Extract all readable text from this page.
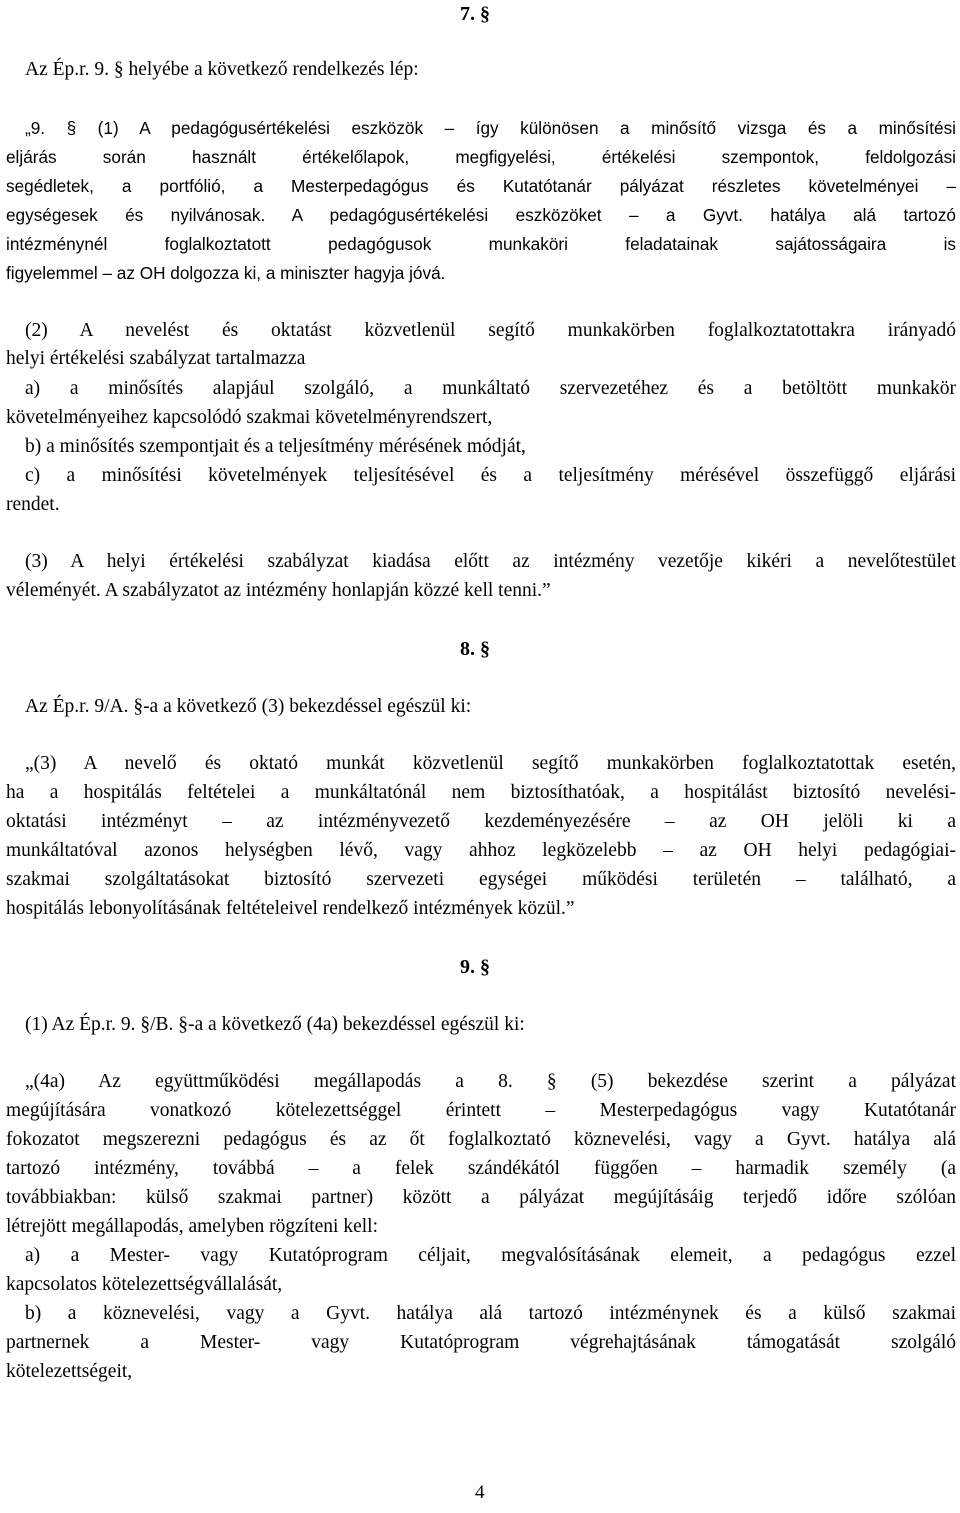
7. §
Az Ép.r. 9. § helyébe a következő rendelkezés lép:
„9. § (1) A pedagógusértékelési eszközök – így különösen a minősítő vizsga és a minősítési
eljárás során használt értékelőlapok, megfigyelési, értékelési szempontok, feldolgozási
segédletek, a portfólió, a Mesterpedagógus és Kutatótanár pályázat részletes követelményei –
egységesek és nyilvánosak. A pedagógusértékelési eszközöket – a Gyvt. hatálya alá tartozó
intézménynél foglalkoztatott pedagógusok munkaköri feladatainak sajátosságaira is
figyelemmel – az OH dolgozza ki, a miniszter hagyja jóvá.
(2) A nevelést és oktatást közvetlenül segítő munkakörben foglalkoztatottakra irányadó
helyi értékelési szabályzat tartalmazza
a) a minősítés alapjául szolgáló, a munkáltató szervezetéhez és a betöltött munkakör
követelményeihez kapcsolódó szakmai követelményrendszert,
b) a minősítés szempontjait és a teljesítmény mérésének módját,
c) a minősítési követelmények teljesítésével és a teljesítmény mérésével összefüggő eljárási
rendet.
(3) A helyi értékelési szabályzat kiadása előtt az intézmény vezetője kikéri a nevelőtestület
véleményét. A szabályzatot az intézmény honlapján közzé kell tenni.”
8. §
Az Ép.r. 9/A. §-a a következő (3) bekezdéssel egészül ki:
„(3) A nevelő és oktató munkát közvetlenül segítő munkakörben foglalkoztatottak esetén,
ha a hospitálás feltételei a munkáltatónál nem biztosíthatóak, a hospitálást biztosító nevelési-
oktatási intézményt – az intézményvezető kezdeményezésére – az OH jelöli ki a
munkáltatóval azonos helységben lévő, vagy ahhoz legközelebb – az OH helyi pedagógiai-
szakmai szolgáltatásokat biztosító szervezeti egységei működési területén – található, a
hospitálás lebonyolításának feltételeivel rendelkező intézmények közül.”
9. §
(1) Az Ép.r. 9. §/B. §-a a következő (4a) bekezdéssel egészül ki:
„(4a) Az együttműködési megállapodás a 8. § (5) bekezdése szerint a pályázat
megújítására vonatkozó kötelezettséggel érintett – Mesterpedagógus vagy Kutatótanár
fokozatot megszerezni pedagógus és az őt foglalkoztató köznevelési, vagy a Gyvt. hatálya alá
tartozó intézmény, továbbá – a felek szándékától függően – harmadik személy (a
továbbiakban: külső szakmai partner) között a pályázat megújításáig terjedő időre szólóan
létrejött megállapodás, amelyben rögzíteni kell:
a) a Mester- vagy Kutatóprogram céljait, megvalósításának elemeit, a pedagógus ezzel
kapcsolatos kötelezettségvállalását,
b) a köznevelési, vagy a Gyvt. hatálya alá tartozó intézménynek és a külső szakmai
partnernek a Mester- vagy Kutatóprogram végrehajtásának támogatását szolgáló
kötelezettségeit,
4
